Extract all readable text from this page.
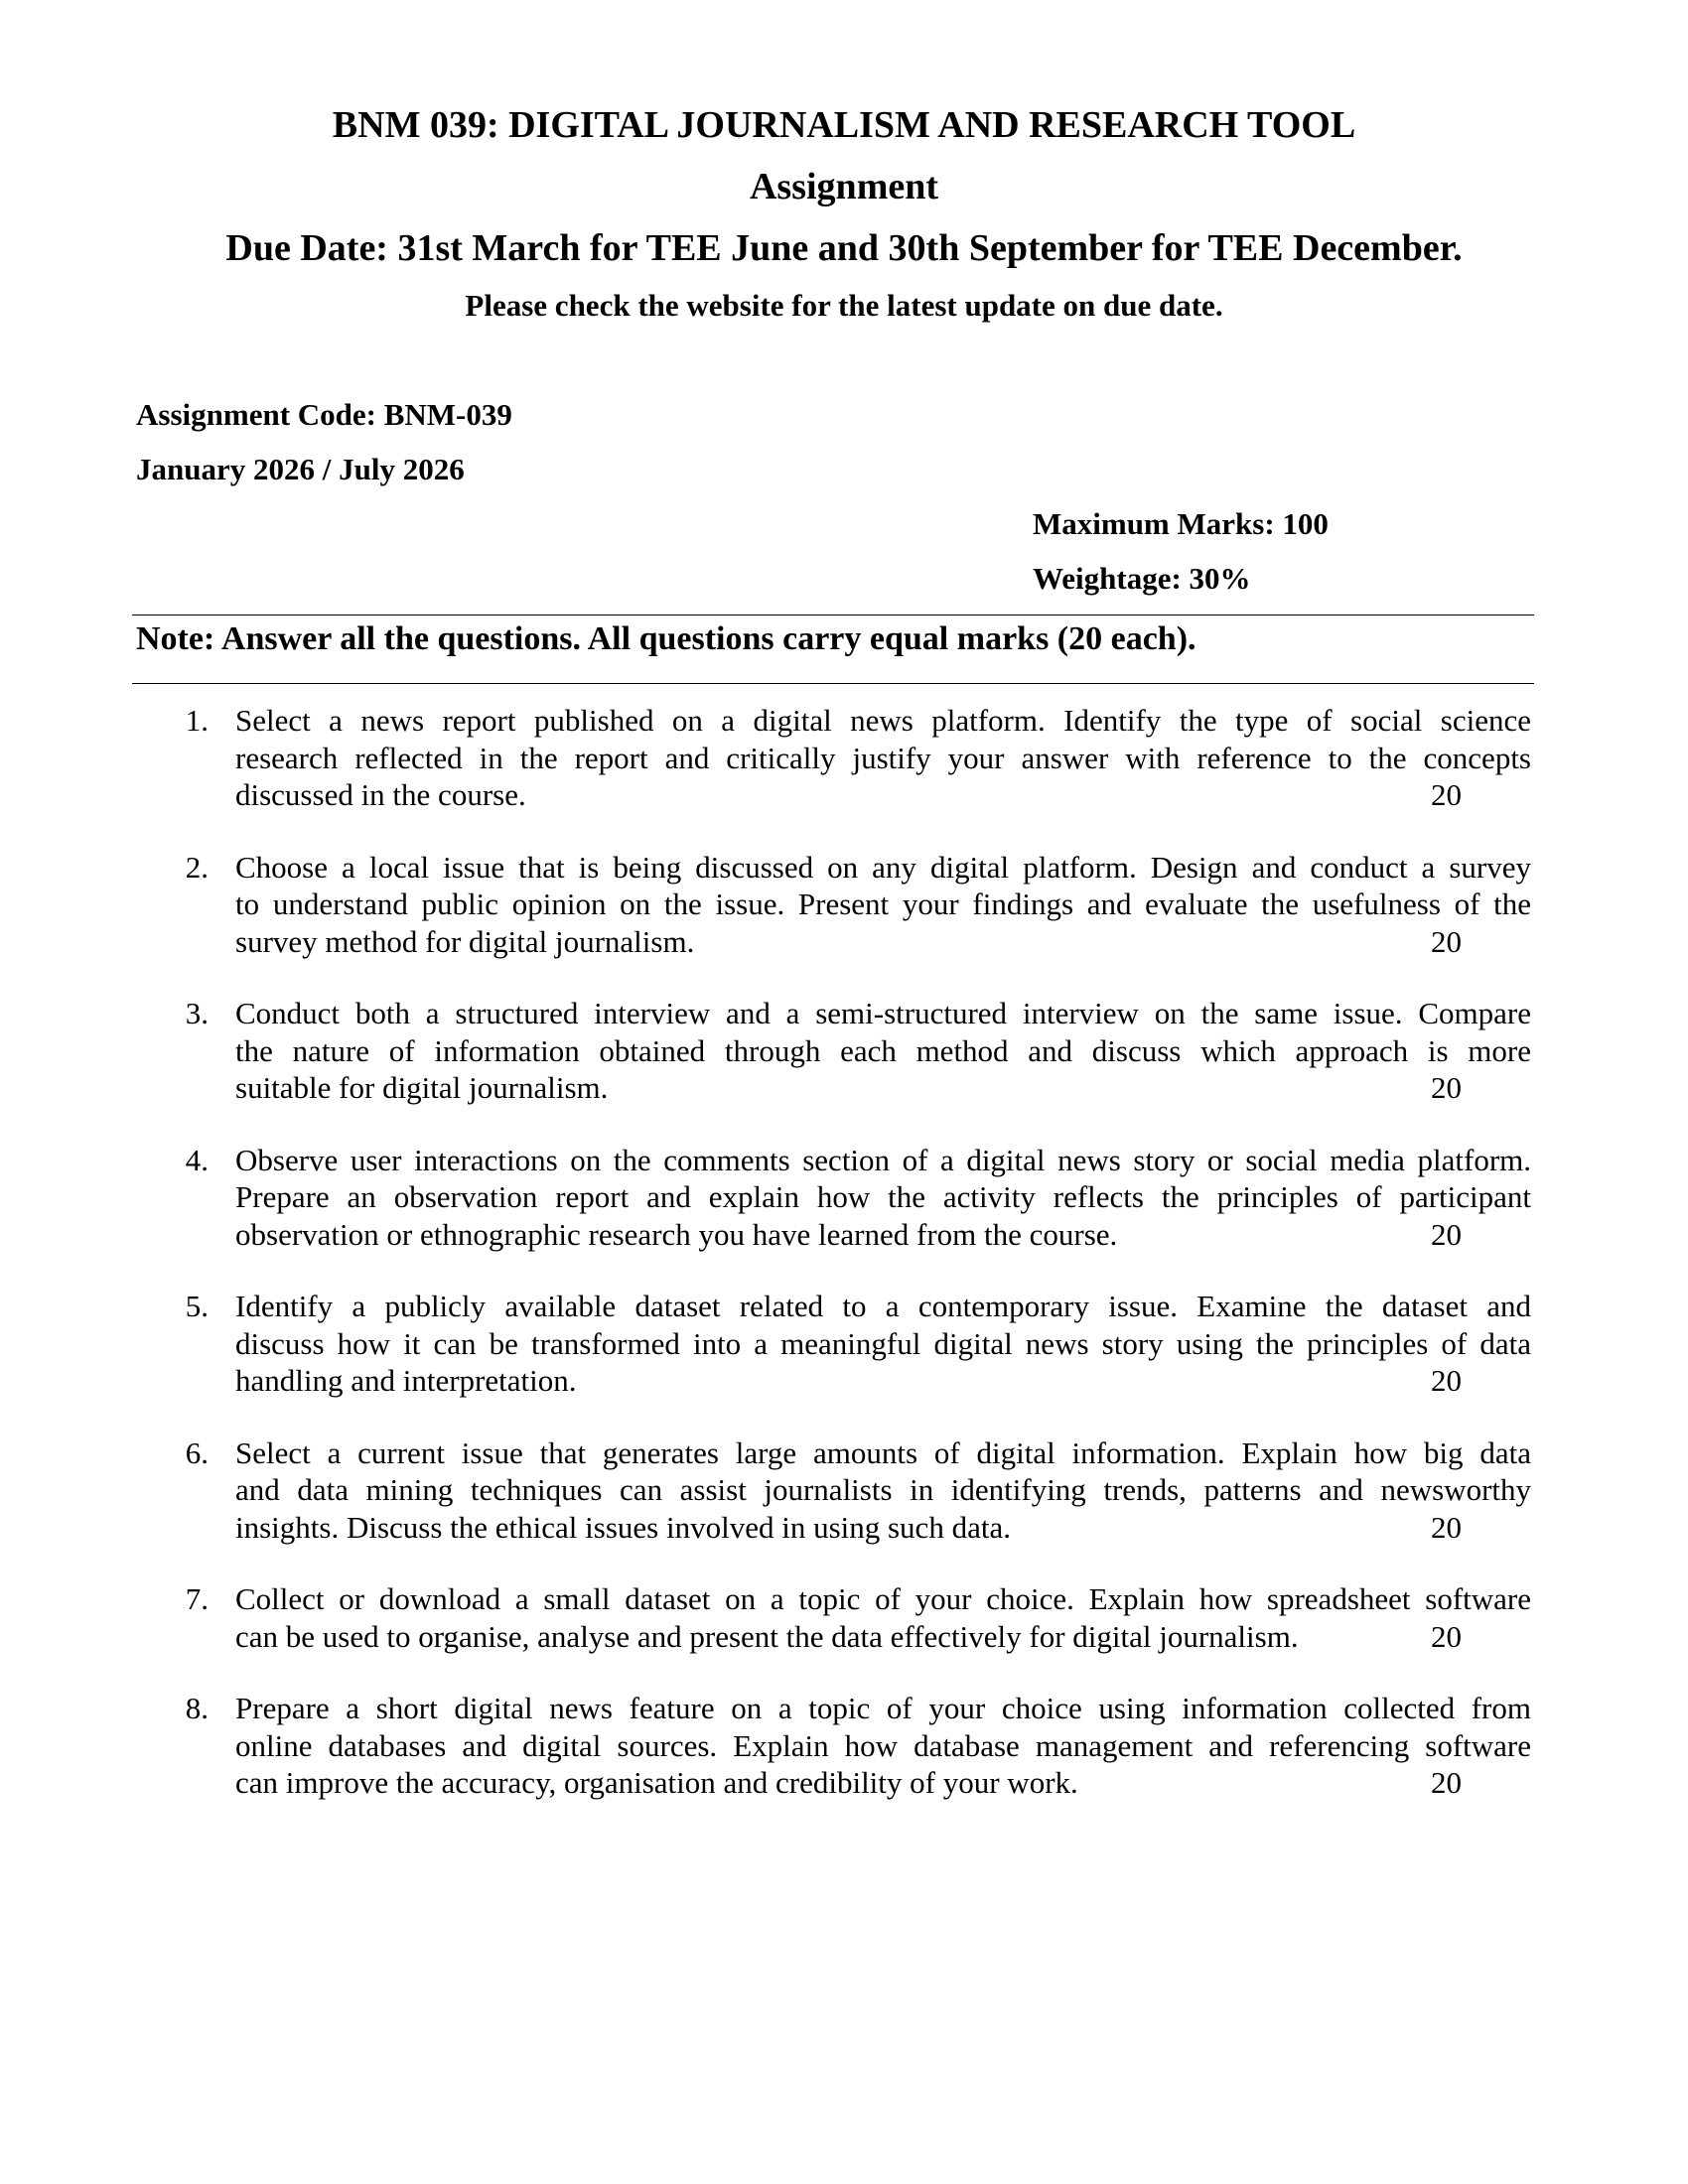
BNM 039: DIGITAL JOURNALISM AND RESEARCH TOOL
Assignment
Due Date: 31st March for TEE June and 30th September for TEE December.
Please check the website for the latest update on due date.
Assignment Code: BNM-039
January 2026 / July 2026
Maximum Marks: 100
Weightage: 30%
Note: Answer all the questions. All questions carry equal marks (20 each).
1. Select a news report published on a digital news platform. Identify the type of social science
research reflected in the report and critically justify your answer with reference to the concepts
discussed in the course.	20
2. Choose a local issue that is being discussed on any digital platform. Design and conduct a survey
to understand public opinion on the issue. Present your findings and evaluate the usefulness of the
survey method for digital journalism.	20
3. Conduct both a structured interview and a semi-structured interview on the same issue. Compare
the nature of information obtained through each method and discuss which approach is more
suitable for digital journalism.	20
4. Observe user interactions on the comments section of a digital news story or social media platform.
Prepare an observation report and explain how the activity reflects the principles of participant
observation or ethnographic research you have learned from the course.	20
5. Identify a publicly available dataset related to a contemporary issue. Examine the dataset and
discuss how it can be transformed into a meaningful digital news story using the principles of data
handling and interpretation.	20
6. Select a current issue that generates large amounts of digital information. Explain how big data
and data mining techniques can assist journalists in identifying trends, patterns and newsworthy
insights. Discuss the ethical issues involved in using such data.	20
7. Collect or download a small dataset on a topic of your choice. Explain how spreadsheet software
can be used to organise, analyse and present the data effectively for digital journalism.	20
8. Prepare a short digital news feature on a topic of your choice using information collected from
online databases and digital sources. Explain how database management and referencing software
can improve the accuracy, organisation and credibility of your work.	20
